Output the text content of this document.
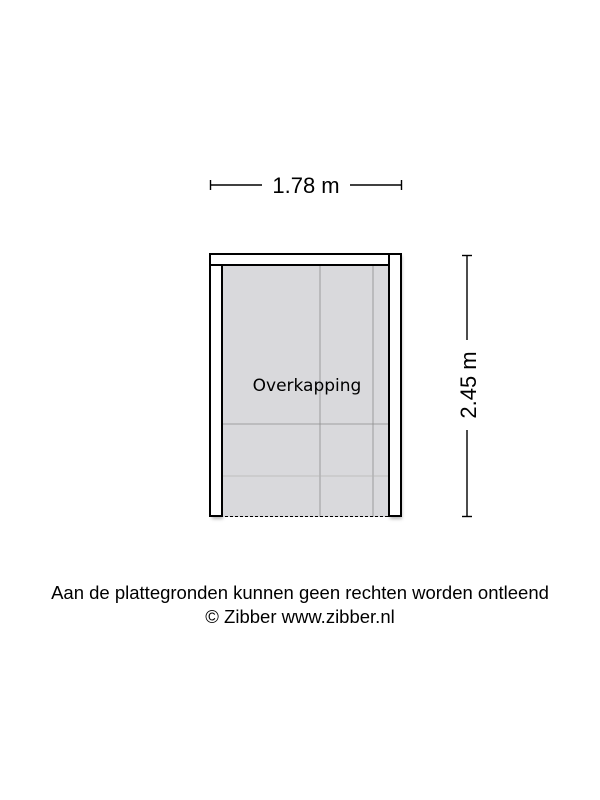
1.78 m
2.45 m
Overkapping
Aan de plattegronden kunnen geen rechten worden ontleend
© Zibber www.zibber.nl
